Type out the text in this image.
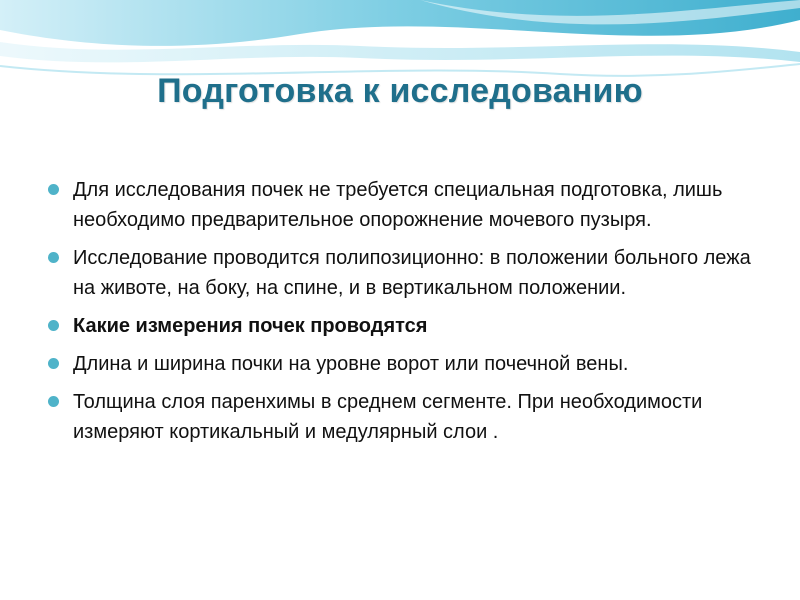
Подготовка к исследованию
Для исследования почек не требуется специальная подготовка, лишь необходимо предварительное опорожнение мочевого пузыря.
Исследование проводится полипозиционно: в положении больного лежа на животе, на боку, на спине, и в вертикальном положении.
Какие измерения почек проводятся
Длина и ширина почки на уровне ворот или почечной вены.
Толщина слоя паренхимы в среднем сегменте. При необходимости измеряют кортикальный и медулярный слои .
